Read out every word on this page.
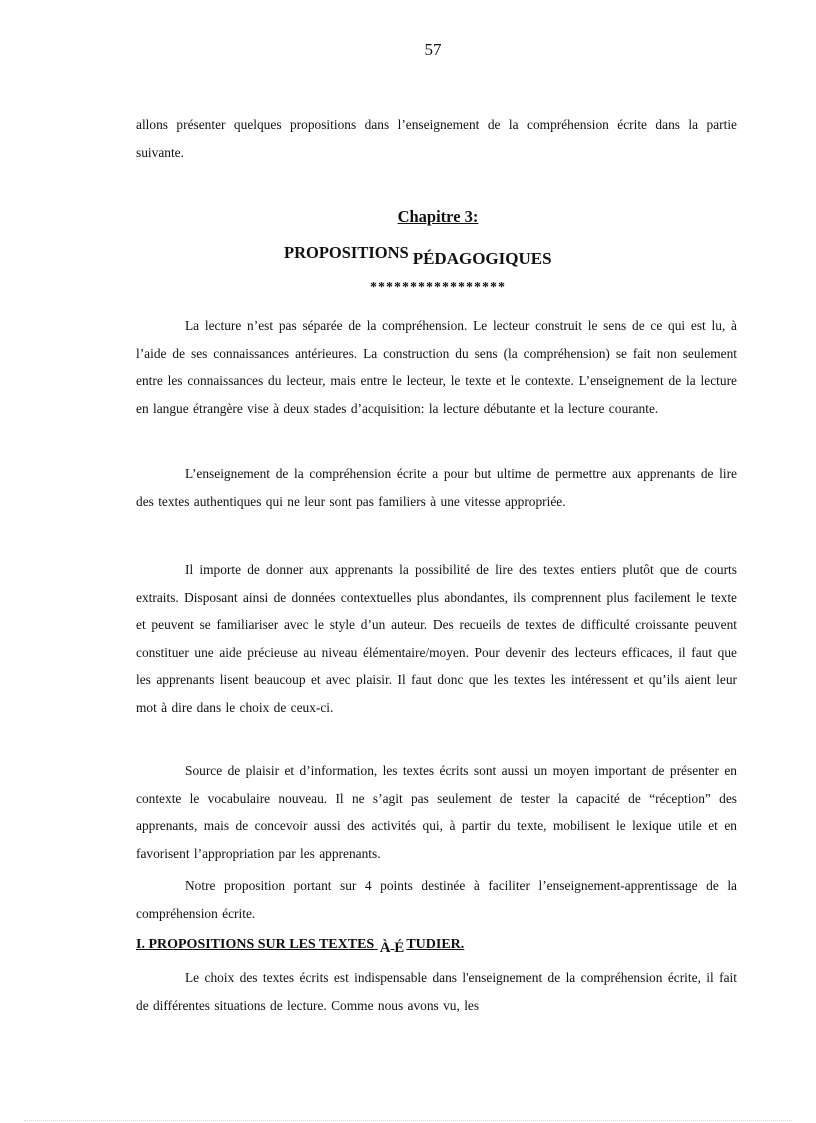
57

allons présenter quelques propositions dans l’enseignement de la compréhension écrite dans la partie suivante.

Chapitre 3:
PROPOSITIONS PÉDAGOGIQUES
*****************

La lecture n’est pas séparée de la compréhension. Le lecteur construit le sens de ce qui est lu, à l’aide de ses connaissances antérieures. La construction du sens (la compréhension) se fait non seulement entre les connaissances du lecteur, mais entre le lecteur, le texte et le contexte. L’enseignement de la lecture en langue étrangère vise à deux stades d’acquisition: la lecture débutante et la lecture courante.

L’enseignement de la compréhension écrite a pour but ultime de permettre aux apprenants de lire des textes authentiques qui ne leur sont pas familiers à une vitesse appropriée.

Il importe de donner aux apprenants la possibilité de lire des textes entiers plutôt que de courts extraits. Disposant ainsi de données contextuelles plus abondantes, ils comprennent plus facilement le texte et peuvent se familiariser avec le style d’un auteur. Des recueils de textes de difficulté croissante peuvent constituer une aide précieuse au niveau élémentaire/moyen. Pour devenir des lecteurs efficaces, il faut que les apprenants lisent beaucoup et avec plaisir. Il faut donc que les textes les intéressent et qu’ils aient leur mot à dire dans le choix de ceux-ci.

Source de plaisir et d’information, les textes écrits sont aussi un moyen important de présenter en contexte le vocabulaire nouveau. Il ne s’agit pas seulement de tester la capacité de “réception” des apprenants, mais de concevoir aussi des activités qui, à partir du texte, mobilisent le lexique utile et en favorisent l’appropriation par les apprenants.

Notre proposition portant sur 4 points destinée à faciliter l’enseignement-apprentissage de la compréhension écrite.

I. PROPOSITIONS SUR LES TEXTES À É TUDIER.

Le choix des textes écrits est indispensable dans l'enseignement de la compréhension écrite, il fait de différentes situations de lecture. Comme nous avons vu, les
